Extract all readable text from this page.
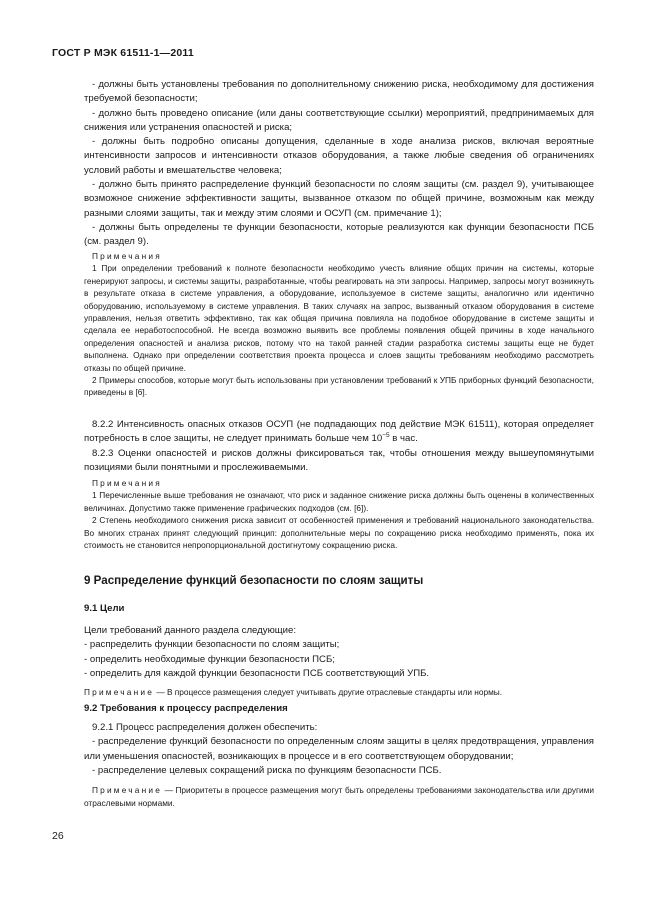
ГОСТ Р МЭК 61511-1—2011

- должны быть установлены требования по дополнительному снижению риска, необходимому для достижения требуемой безопасности;

- должно быть проведено описание (или даны соответствующие ссылки) мероприятий, предпринимаемых для снижения или устранения опасностей и риска;

- должны быть подробно описаны допущения, сделанные в ходе анализа рисков, включая вероятные интенсивности запросов и интенсивности отказов оборудования, а также любые сведения об ограничениях условий работы и вмешательстве человека;

- должно быть принято распределение функций безопасности по слоям защиты (см. раздел 9), учитывающее возможное снижение эффективности защиты, вызванное отказом по общей причине, возможным как между разными слоями защиты, так и между этим слоями и ОСУП (см. примечание 1);

- должны быть определены те функции безопасности, которые реализуются как функции безопасности ПСБ (см. раздел 9).

Примечания

1 При определении требований к полноте безопасности необходимо учесть влияние общих причин на системы, которые генерируют запросы, и системы защиты, разработанные, чтобы реагировать на эти запросы. Например, запросы могут возникнуть в результате отказа в системе управления, а оборудование, используемое в системе защиты, аналогично или идентично оборудованию, используемому в системе управления. В таких случаях на запрос, вызванный отказом оборудования в системе управления, нельзя ответить эффективно, так как общая причина повлияла на подобное оборудование в системе защиты и сделала ее неработоспособной. Не всегда возможно выявить все проблемы появления общей причины в ходе начального определения опасностей и анализа рисков, потому что на такой ранней стадии разработка системы защиты еще не будет выполнена. Однако при определении соответствия проекта процесса и слоев защиты требованиям необходимо рассмотреть отказы по общей причине.

2 Примеры способов, которые могут быть использованы при установлении требований к УПБ приборных функций безопасности, приведены в [6].

8.2.2 Интенсивность опасных отказов ОСУП (не подпадающих под действие МЭК 61511), которая определяет потребность в слое защиты, не следует принимать больше чем $10^{-5}$ в час.

8.2.3 Оценки опасностей и рисков должны фиксироваться так, чтобы отношения между вышеупомянутыми позициями были понятными и прослеживаемыми.

Примечания

1 Перечисленные выше требования не означают, что риск и заданное снижение риска должны быть оценены в количественных величинах. Допустимо также применение графических подходов (см. [6]).

2 Степень необходимого снижения риска зависит от особенностей применения и требований национального законодательства. Во многих странах принят следующий принцип: дополнительные меры по сокращению риска необходимо применять, пока их стоимость не становится непропорциональной достигнутому сокращению риска.

9 Распределение функций безопасности по слоям защиты
9.1 Цели

Цели требований данного раздела следующие:

- распределить функции безопасности по слоям защиты;

- определить необходимые функции безопасности ПСБ;

- определить для каждой функции безопасности ПСБ соответствующий УПБ.

Примечание — В процессе размещения следует учитывать другие отраслевые стандарты или нормы.

9.2 Требования к процессу распределения

9.2.1 Процесс распределения должен обеспечить:

- распределение функций безопасности по определенным слоям защиты в целях предотвращения, управления или уменьшения опасностей, возникающих в процессе и в его соответствующем оборудовании;

- распределение целевых сокращений риска по функциям безопасности ПСБ.

Примечание — Приоритеты в процессе размещения могут быть определены требованиями законодательства или другими отраслевыми нормами.

26
